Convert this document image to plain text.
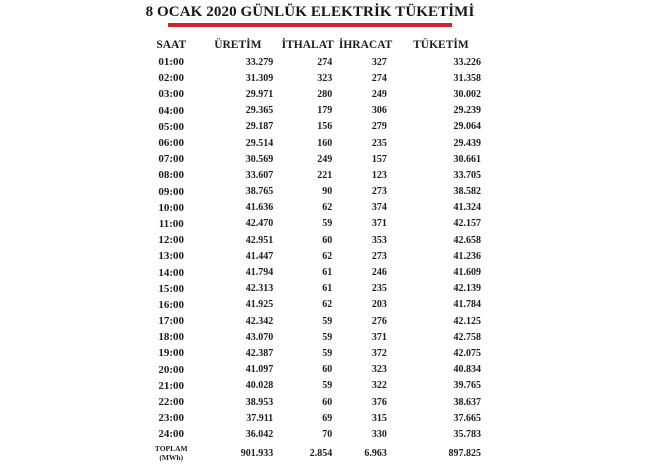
8 OCAK 2020 GÜNLÜK ELEKTRİK TÜKETİMİ
SAAT	ÜRETİM	İTHALAT	İHRACAT	TÜKETİM
01:00	33.279	274	327	33.226
02:00	31.309	323	274	31.358
03:00	29.971	280	249	30.002
04:00	29.365	179	306	29.239
05:00	29.187	156	279	29.064
06:00	29.514	160	235	29.439
07:00	30.569	249	157	30.661
08:00	33.607	221	123	33.705
09:00	38.765	90	273	38.582
10:00	41.636	62	374	41.324
11:00	42.470	59	371	42.157
12:00	42.951	60	353	42.658
13:00	41.447	62	273	41.236
14:00	41.794	61	246	41.609
15:00	42.313	61	235	42.139
16:00	41.925	62	203	41.784
17:00	42.342	59	276	42.125
18:00	43.070	59	371	42.758
19:00	42.387	59	372	42.075
20:00	41.097	60	323	40.834
21:00	40.028	59	322	39.765
22:00	38.953	60	376	38.637
23:00	37.911	69	315	37.665
24:00	36.042	70	330	35.783

TOPLAM
(MWh)	901.933	2.854	6.963	897.825
